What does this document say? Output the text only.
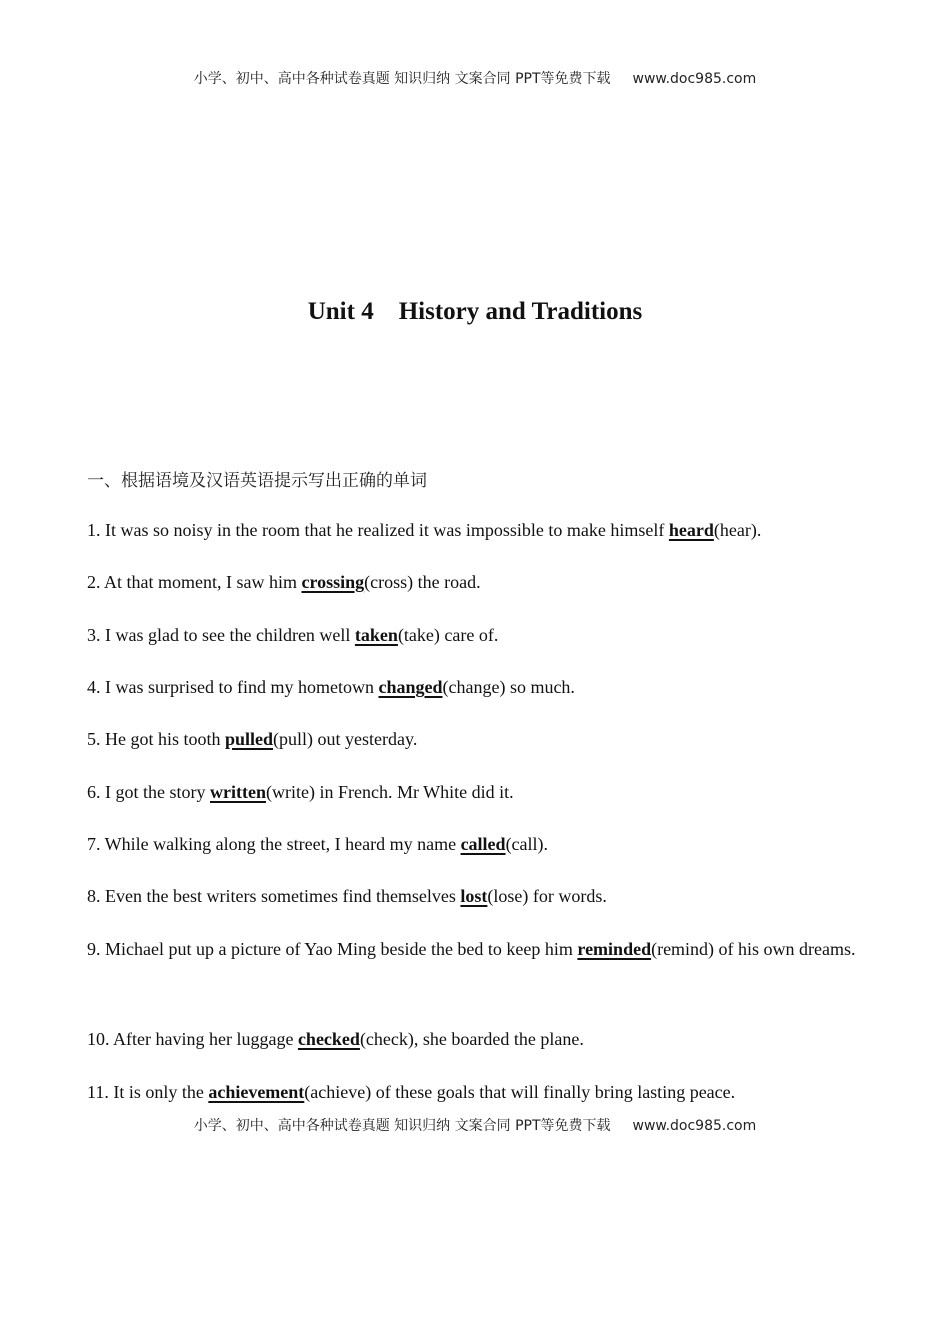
小学、初中、高中各种试卷真题 知识归纳 文案合同 PPT等免费下载 www.doc985.com
Unit 4    History and Traditions
一、根据语境及汉语英语提示写出正确的单词
1. It was so noisy in the room that he realized it was impossible to make himself heard(hear).
2. At that moment, I saw him crossing(cross) the road.
3. I was glad to see the children well taken(take) care of.
4. I was surprised to find my hometown changed(change) so much.
5. He got his tooth pulled(pull) out yesterday.
6. I got the story written(write) in French. Mr White did it.
7. While walking along the street, I heard my name called(call).
8. Even the best writers sometimes find themselves lost(lose) for words.
9. Michael put up a picture of Yao Ming beside the bed to keep him reminded(remind) of his own dreams.
10. After having her luggage checked(check), she boarded the plane.
11. It is only the achievement(achieve) of these goals that will finally bring lasting peace.
小学、初中、高中各种试卷真题 知识归纳 文案合同 PPT等免费下载 www.doc985.com
